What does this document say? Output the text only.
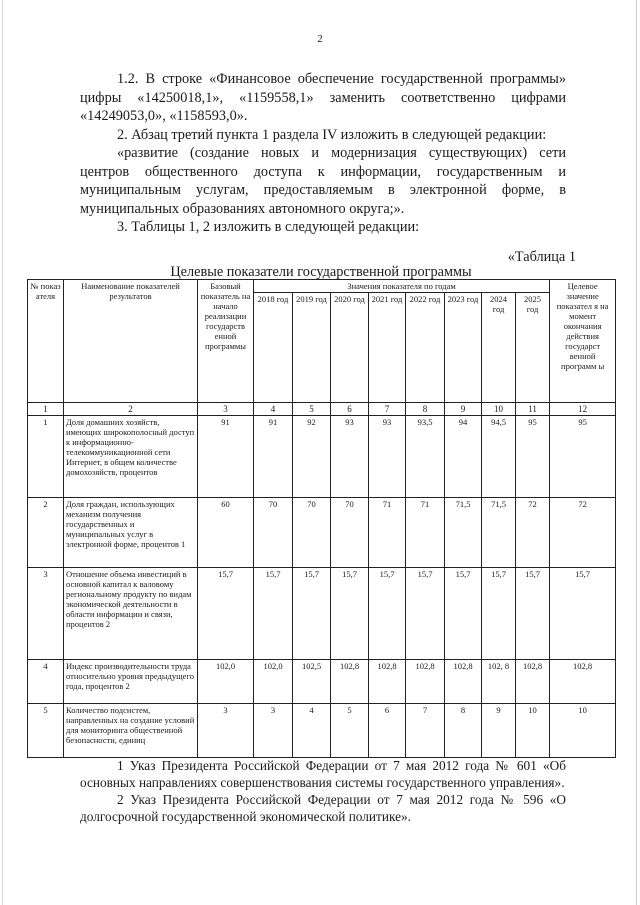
2

1.2. В строке «Финансовое обеспечение государственной программы» цифры «14250018,1», «1159558,1» заменить соответственно цифрами «14249053,0», «1158593,0».

2. Абзац третий пункта 1 раздела IV изложить в следующей редакции:

«развитие (создание новых и модернизация существующих) сети центров общественного доступа к информации, государственным и муниципальным услугам, предоставляемым в электронной форме, в муниципальных образованиях автономного округа;».

3. Таблицы 1, 2 изложить в следующей редакции:

«Таблица 1
Целевые показатели государственной программы
№ показ ателя	Наименование показателей результатов	Базовый показатель на начало реализации государств енной программы	Значения показателя по годам								Целевое значение показател я на момент окончания действия государст венной программ ы
			2018 год	2019 год	2020 год	2021 год	2022 год	2023 год	2024 год	2025 год	
1	2	3	4	5	6	7	8	9	10	11	12
1	Доля домашних хозяйств, имеющих широкополосный доступ к информационно-телекоммуникационной сети Интернет, в общем количестве домохозяйств, процентов	91	91	92	93	93	93,5	94	94,5	95	95
2	Доля граждан, использующих механизм получения государственных и муниципальных услуг в электронной форме, процентов 1	60	70	70	70	71	71	71,5	71,5	72	72
3	Отношение объема инвестиций в основной капитал к валовому региональному продукту по видам экономической деятельности в области информации и связи, процентов 2	15,7	15,7	15,7	15,7	15,7	15,7	15,7	15,7	15,7	15,7
4	Индекс производительности труда относительно уровня предыдущего года, процентов 2	102,0	102,0	102,5	102,8	102,8	102,8	102,8	102, 8	102,8	102,8
5	Количество подсистем, направленных на создание условий для мониторинга общественной безопасности, единиц	3	3	4	5	6	7	8	9	10	10

1 Указ Президента Российской Федерации от 7 мая 2012 года № 601 «Об основных направлениях совершенствования системы государственного управления».

2 Указ Президента Российской Федерации от 7 мая 2012 года № 596 «О долгосрочной государственной экономической политике».
